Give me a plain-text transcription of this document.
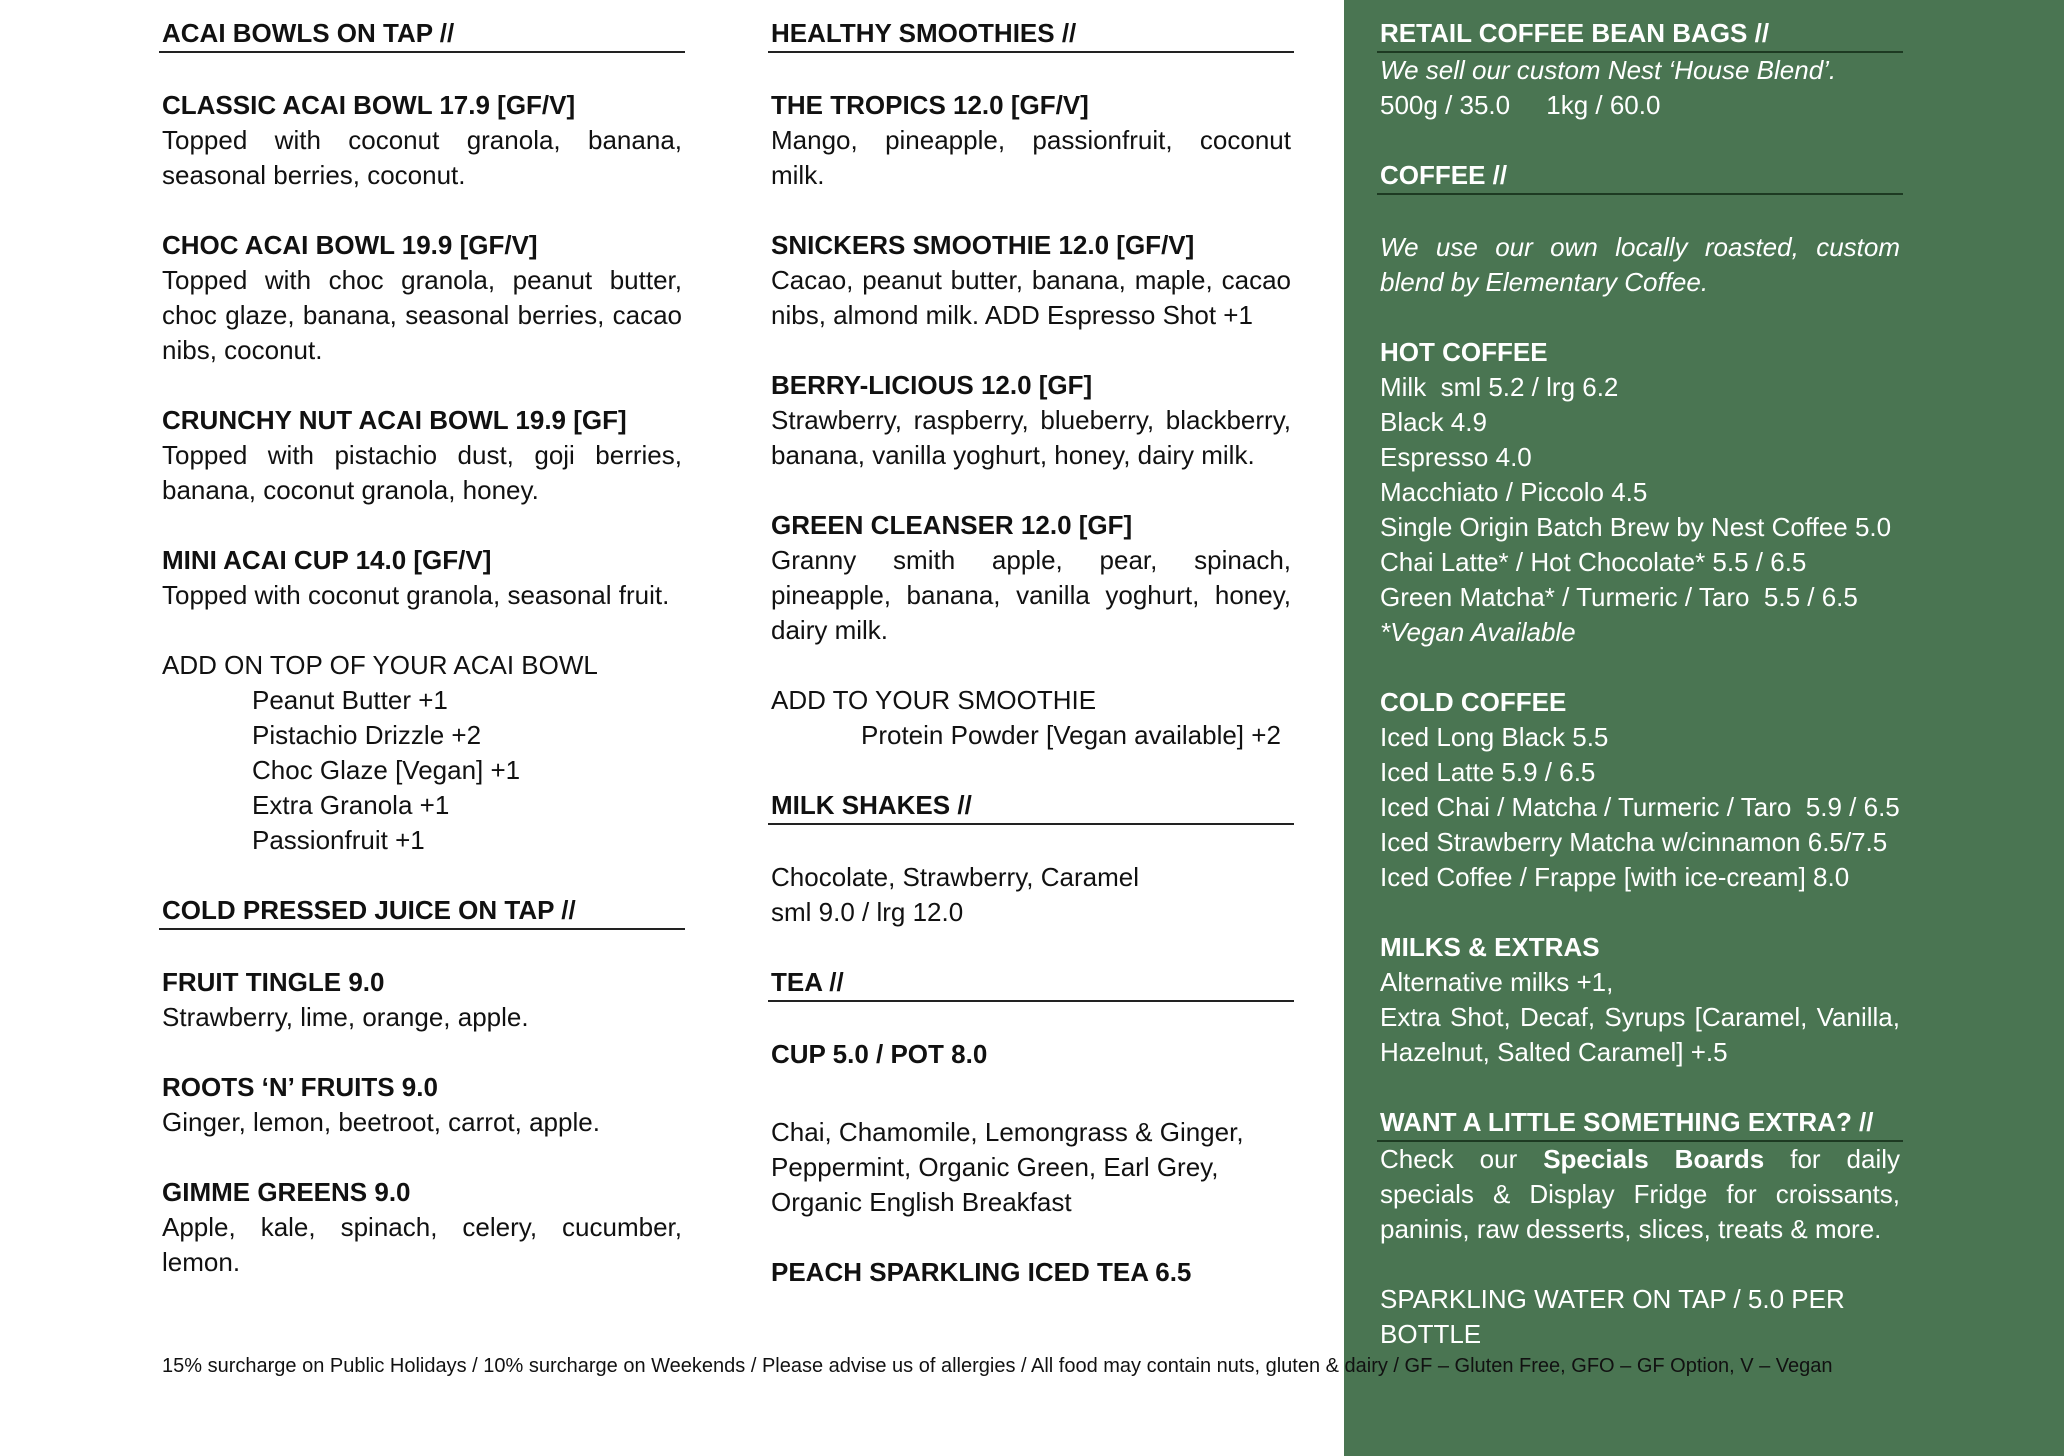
ACAI BOWLS ON TAP //
CLASSIC ACAI BOWL 17.9 [GF/V]
Topped with coconut granola, banana, seasonal berries, coconut.
CHOC ACAI BOWL 19.9 [GF/V]
Topped with choc granola, peanut butter, choc glaze, banana, seasonal berries, cacao nibs, coconut.
CRUNCHY NUT ACAI BOWL 19.9 [GF]
Topped with pistachio dust, goji berries, banana, coconut granola, honey.
MINI ACAI CUP 14.0 [GF/V]
Topped with coconut granola, seasonal fruit.
ADD ON TOP OF YOUR ACAI BOWL
Peanut Butter +1
Pistachio Drizzle +2
Choc Glaze [Vegan] +1
Extra Granola +1
Passionfruit +1
COLD PRESSED JUICE ON TAP //
FRUIT TINGLE 9.0
Strawberry, lime, orange, apple.
ROOTS ‘N’ FRUITS 9.0
Ginger, lemon, beetroot, carrot, apple.
GIMME GREENS 9.0
Apple, kale, spinach, celery, cucumber, lemon.
HEALTHY SMOOTHIES //
THE TROPICS 12.0 [GF/V]
Mango, pineapple, passionfruit, coconut milk.
SNICKERS SMOOTHIE 12.0 [GF/V]
Cacao, peanut butter, banana, maple, cacao nibs, almond milk. ADD Espresso Shot +1
BERRY-LICIOUS 12.0 [GF]
Strawberry, raspberry, blueberry, blackberry, banana, vanilla yoghurt, honey, dairy milk.
GREEN CLEANSER 12.0 [GF]
Granny smith apple, pear, spinach, pineapple, banana, vanilla yoghurt, honey, dairy milk.
ADD TO YOUR SMOOTHIE
Protein Powder [Vegan available] +2
MILK SHAKES //
Chocolate, Strawberry, Caramel
sml 9.0 / lrg 12.0
TEA //
CUP 5.0 / POT 8.0
Chai, Chamomile, Lemongrass & Ginger, Peppermint, Organic Green, Earl Grey, Organic English Breakfast
PEACH SPARKLING ICED TEA 6.5
RETAIL COFFEE BEAN BAGS //
We sell our custom Nest ‘House Blend’.
500g / 35.0     1kg / 60.0
COFFEE //
We use our own locally roasted, custom blend by Elementary Coffee.
HOT COFFEE
Milk  sml 5.2 / lrg 6.2
Black 4.9
Espresso 4.0
Macchiato / Piccolo 4.5
Single Origin Batch Brew by Nest Coffee 5.0
Chai Latte* / Hot Chocolate* 5.5 / 6.5
Green Matcha* / Turmeric / Taro  5.5 / 6.5
*Vegan Available
COLD COFFEE
Iced Long Black 5.5
Iced Latte 5.9 / 6.5
Iced Chai / Matcha / Turmeric / Taro  5.9 / 6.5
Iced Strawberry Matcha w/cinnamon 6.5/7.5
Iced Coffee / Frappe [with ice-cream] 8.0
MILKS & EXTRAS
Alternative milks +1,
Extra Shot, Decaf, Syrups [Caramel, Vanilla, Hazelnut, Salted Caramel] +.5
WANT A LITTLE SOMETHING EXTRA? //
Check our Specials Boards for daily specials & Display Fridge for croissants, paninis, raw desserts, slices, treats & more.
SPARKLING WATER ON TAP / 5.0 PER BOTTLE
15% surcharge on Public Holidays / 10% surcharge on Weekends / Please advise us of allergies / All food may contain nuts, gluten & dairy / GF – Gluten Free, GFO – GF Option, V – Vegan
